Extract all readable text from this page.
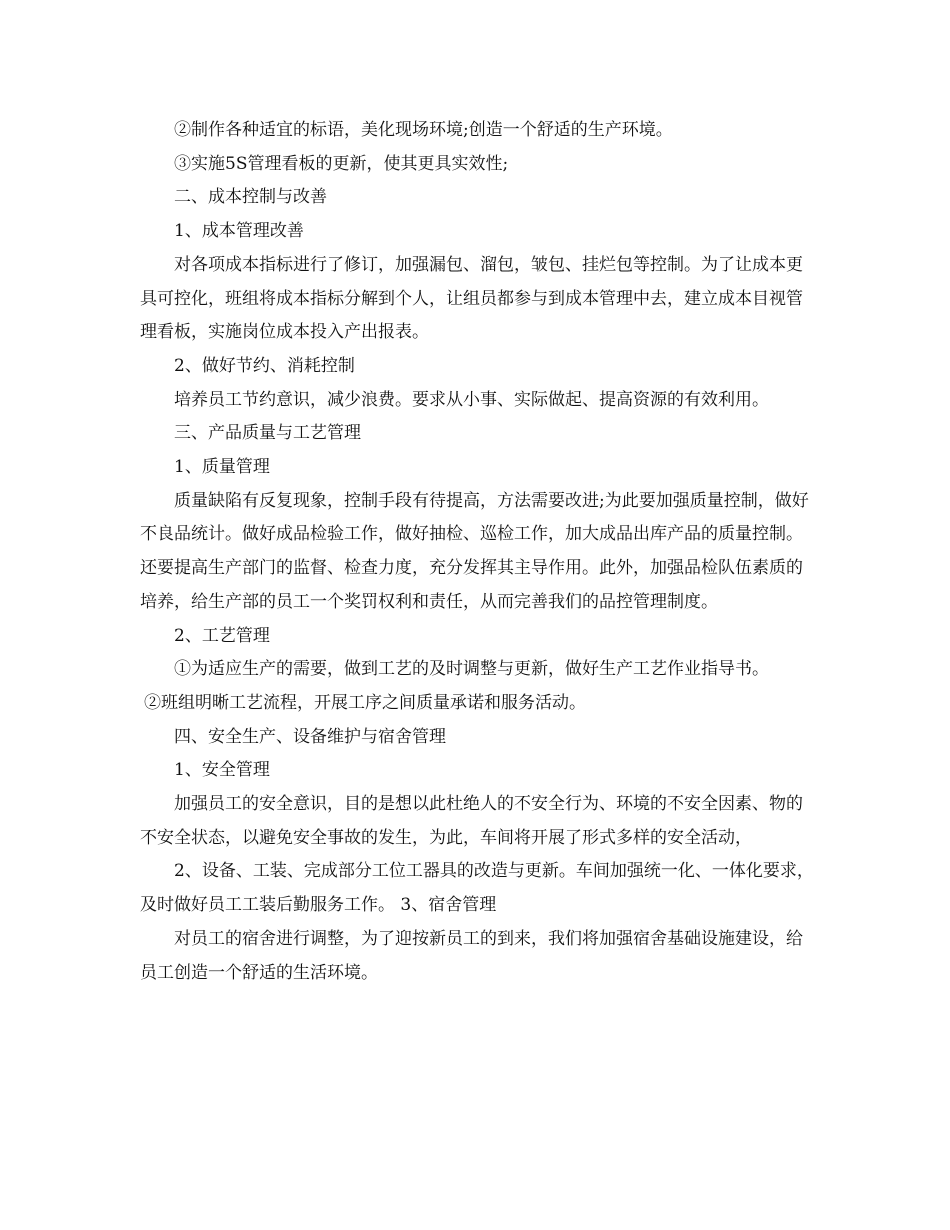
②制作各种适宜的标语，美化现场环境;创造一个舒适的生产环境。

③实施5S管理看板的更新，使其更具实效性;

二、成本控制与改善

1、成本管理改善

对各项成本指标进行了修订，加强漏包、溜包，皱包、挂烂包等控制。为了让成本更具可控化，班组将成本指标分解到个人，让组员都参与到成本管理中去，建立成本目视管理看板，实施岗位成本投入产出报表。

2、做好节约、消耗控制

培养员工节约意识，减少浪费。要求从小事、实际做起、提高资源的有效利用。

三、产品质量与工艺管理

1、质量管理

质量缺陷有反复现象，控制手段有待提高，方法需要改进;为此要加强质量控制，做好不良品统计。做好成品检验工作，做好抽检、巡检工作，加大成品出库产品的质量控制。还要提高生产部门的监督、检查力度，充分发挥其主导作用。此外，加强品检队伍素质的培养，给生产部的员工一个奖罚权利和责任，从而完善我们的品控管理制度。

2、工艺管理

①为适应生产的需要，做到工艺的及时调整与更新，做好生产工艺作业指导书。

②班组明晰工艺流程，开展工序之间质量承诺和服务活动。

四、安全生产、设备维护与宿舍管理

1、安全管理

加强员工的安全意识，目的是想以此杜绝人的不安全行为、环境的不安全因素、物的不安全状态，以避免安全事故的发生，为此，车间将开展了形式多样的安全活动，

2、设备、工装、完成部分工位工器具的改造与更新。车间加强统一化、一体化要求，及时做好员工工装后勤服务工作。 3、宿舍管理

对员工的宿舍进行调整，为了迎按新员工的到来，我们将加强宿舍基础设施建设，给员工创造一个舒适的生活环境。
